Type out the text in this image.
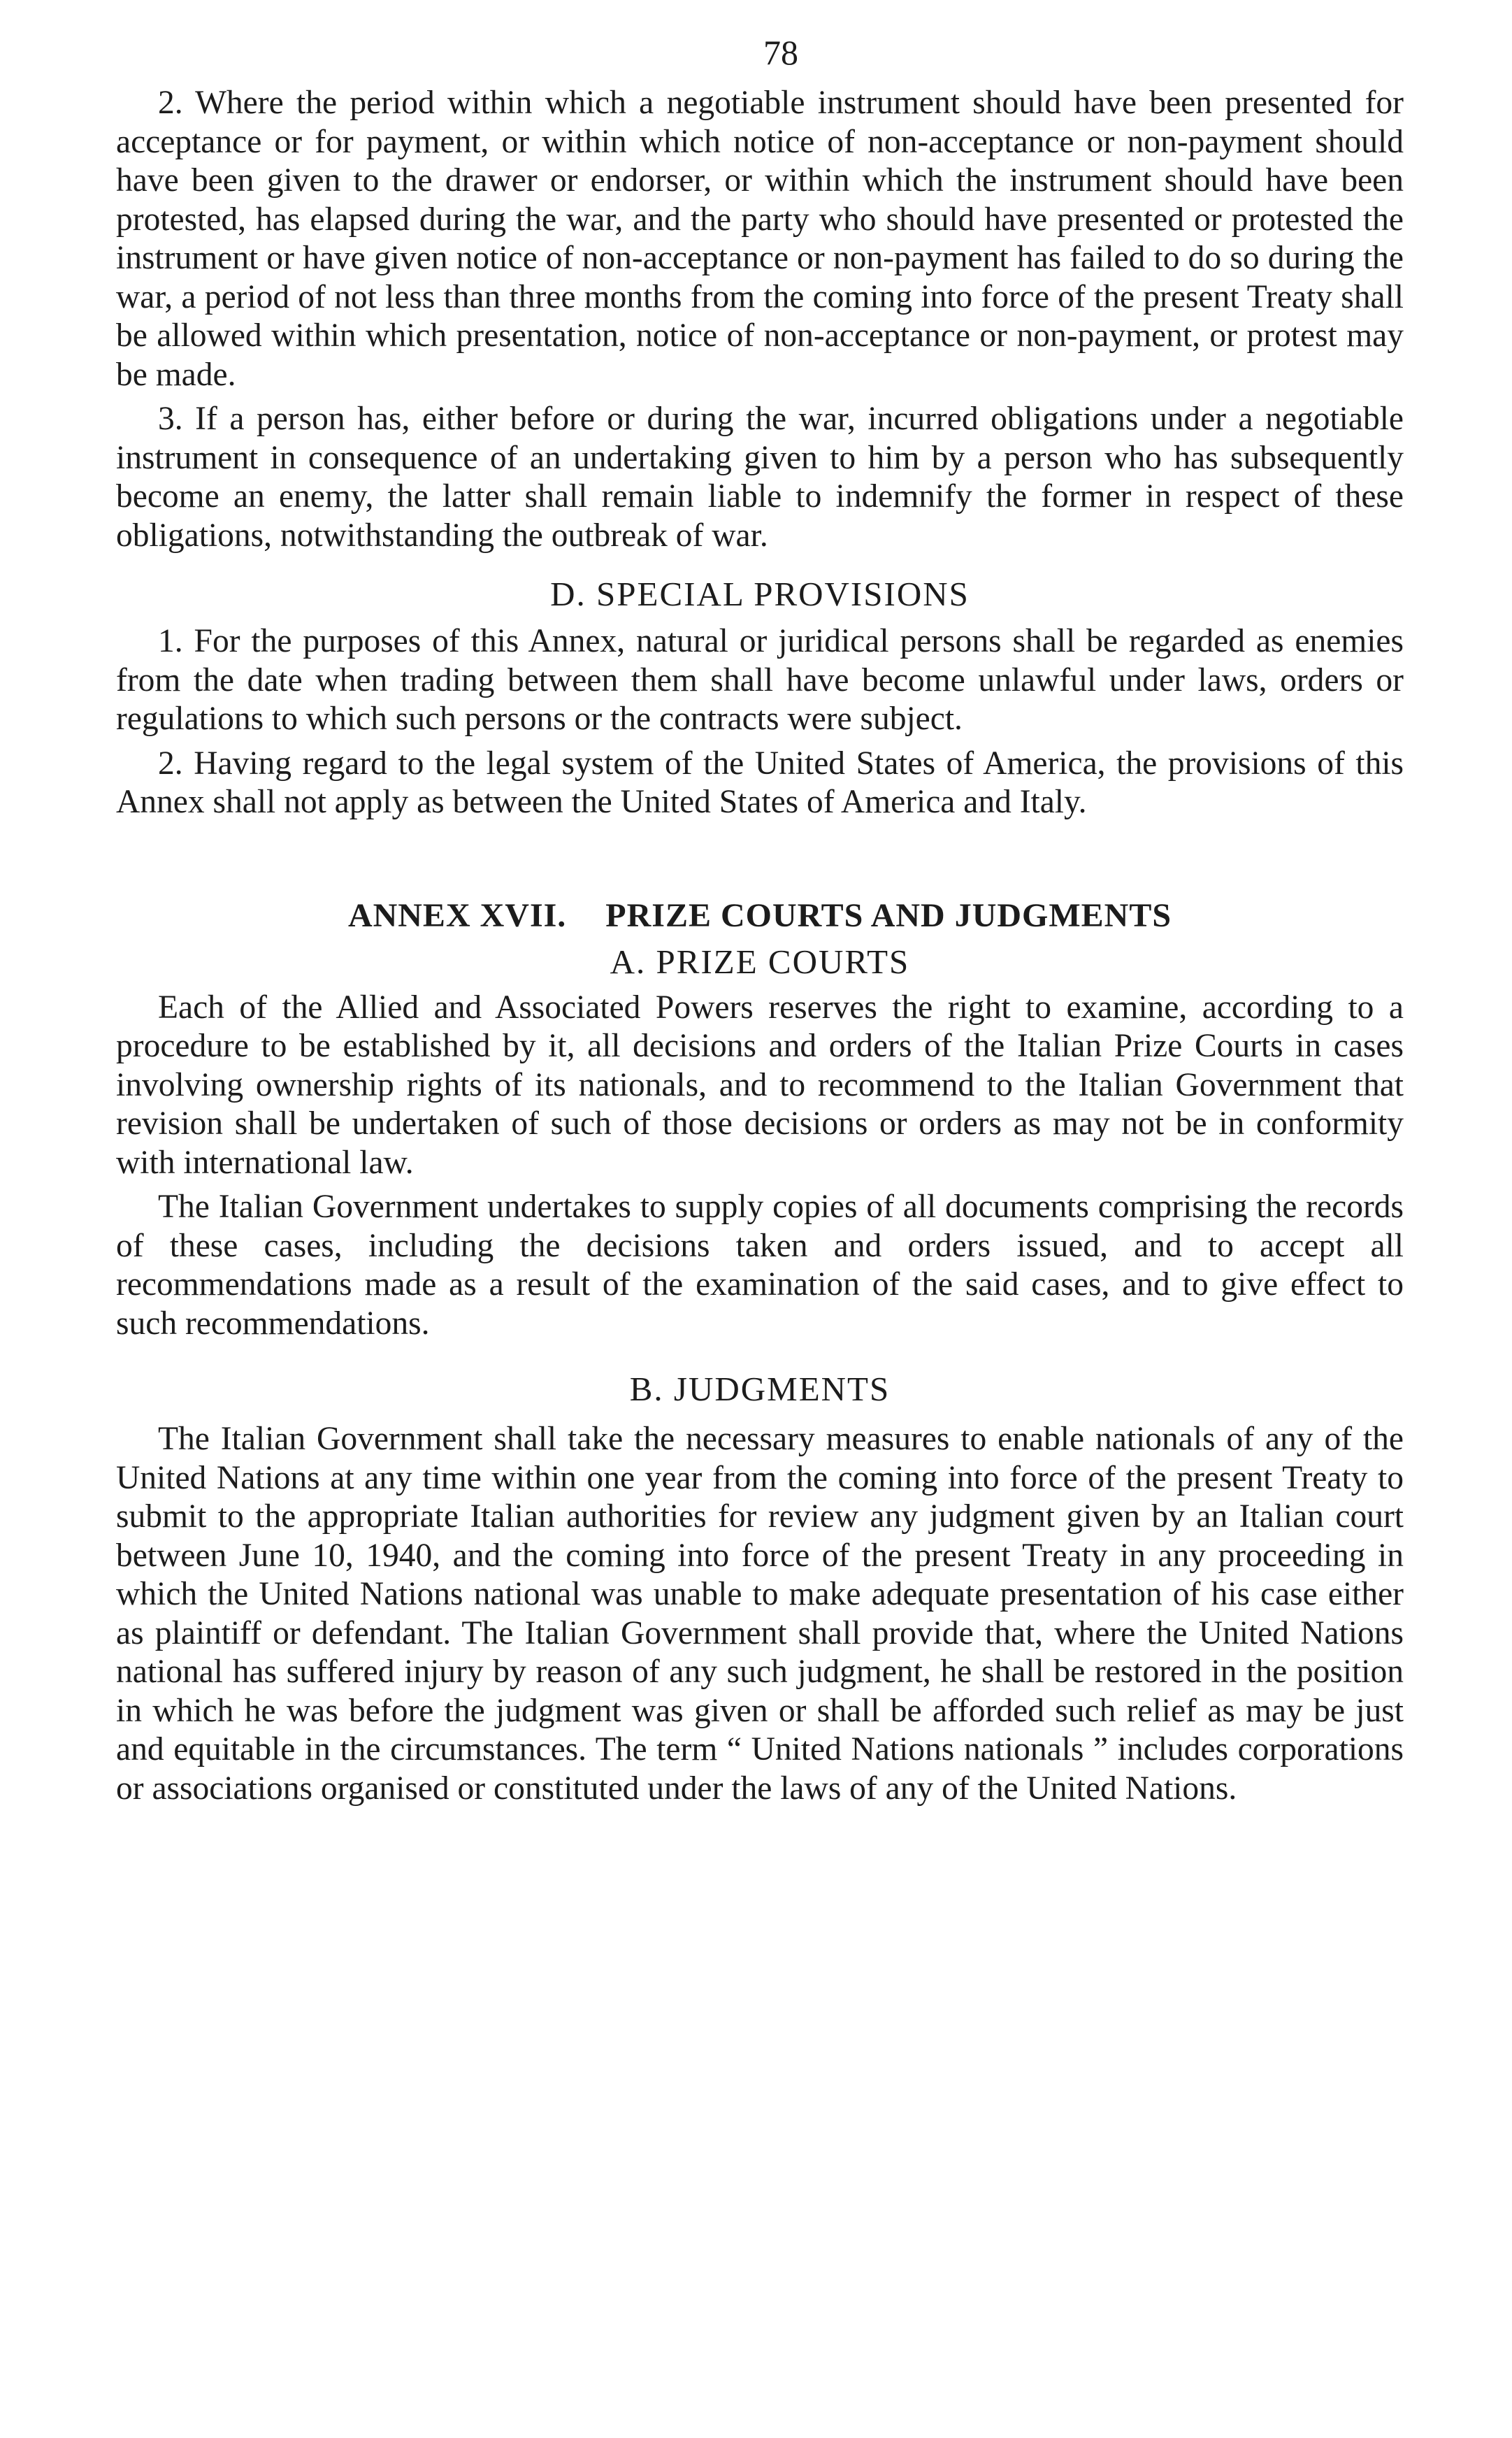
78

2. Where the period within which a negotiable instrument should have been presented for acceptance or for payment, or within which notice of non-acceptance or non-payment should have been given to the drawer or endorser, or within which the instrument should have been protested, has elapsed during the war, and the party who should have presented or protested the instrument or have given notice of non-acceptance or non-payment has failed to do so during the war, a period of not less than three months from the coming into force of the present Treaty shall be allowed within which presentation, notice of non-acceptance or non-payment, or protest may be made.

3. If a person has, either before or during the war, incurred obligations under a negotiable instrument in consequence of an undertaking given to him by a person who has subsequently become an enemy, the latter shall remain liable to indemnify the former in respect of these obligations, notwithstanding the outbreak of war.

D. SPECIAL PROVISIONS

1. For the purposes of this Annex, natural or juridical persons shall be regarded as enemies from the date when trading between them shall have become unlawful under laws, orders or regulations to which such persons or the contracts were subject.

2. Having regard to the legal system of the United States of America, the provisions of this Annex shall not apply as between the United States of America and Italy.

ANNEX XVII. PRIZE COURTS AND JUDGMENTS
A. PRIZE COURTS

Each of the Allied and Associated Powers reserves the right to examine, according to a procedure to be established by it, all decisions and orders of the Italian Prize Courts in cases involving ownership rights of its nationals, and to recommend to the Italian Government that revision shall be undertaken of such of those decisions or orders as may not be in conformity with international law.

The Italian Government undertakes to supply copies of all documents comprising the records of these cases, including the decisions taken and orders issued, and to accept all recommendations made as a result of the examination of the said cases, and to give effect to such recommendations.

B. JUDGMENTS

The Italian Government shall take the necessary measures to enable nationals of any of the United Nations at any time within one year from the coming into force of the present Treaty to submit to the appropriate Italian authorities for review any judgment given by an Italian court between June 10, 1940, and the coming into force of the present Treaty in any proceeding in which the United Nations national was unable to make adequate presentation of his case either as plaintiff or defendant. The Italian Government shall provide that, where the United Nations national has suffered injury by reason of any such judgment, he shall be restored in the position in which he was before the judgment was given or shall be afforded such relief as may be just and equitable in the circumstances. The term “ United Nations nationals ” includes corporations or associations organised or constituted under the laws of any of the United Nations.
